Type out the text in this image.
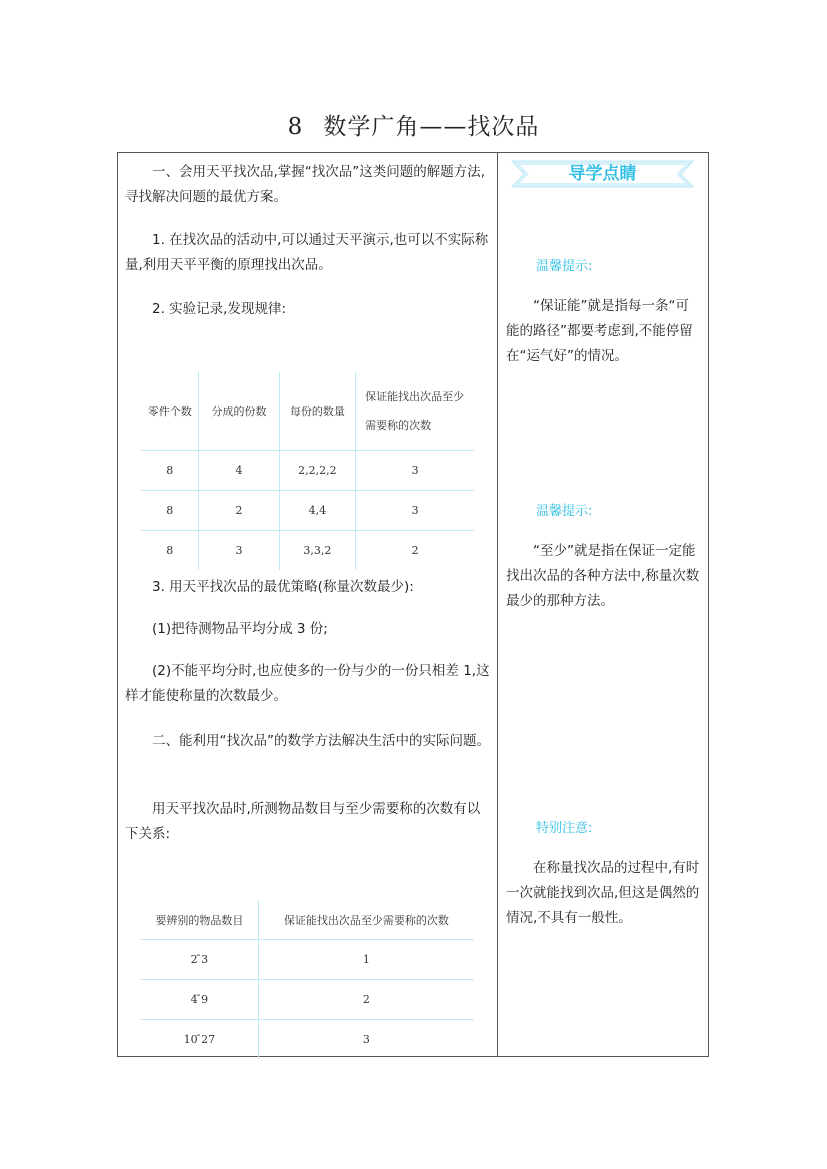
8 数学广角——找次品
导学点睛
一、会用天平找次品,掌握“找次品”这类问题的解题方法,寻找解决问题的最优方案。
1. 在找次品的活动中,可以通过天平演示,也可以不实际称量,利用天平平衡的原理找出次品。
2. 实验记录,发现规律:
零件个数	分成的份数	每份的数量	保证能找出次品至少需要称的次数

8	4	2,2,2,2	3
8	2	4,4	3
8	3	3,3,2	2
3. 用天平找次品的最优策略(称量次数最少):
(1)把待测物品平均分成 3 份;
(2)不能平均分时,也应使多的一份与少的一份只相差 1,这样才能使称量的次数最少。
二、能利用“找次品”的数学方法解决生活中的实际问题。
用天平找次品时,所测物品数目与至少需要称的次数有以下关系:
要辨别的物品数目	保证能找出次品至少需要称的次数
2 ̄3	1
4 ̄9	2
10 ̄27	3
温馨提示:
“保证能”就是指每一条“可能的路径”都要考虑到,不能停留在“运气好”的情况。
温馨提示:
“至少”就是指在保证一定能找出次品的各种方法中,称量次数最少的那种方法。
特别注意:
在称量找次品的过程中,有时一次就能找到次品,但这是偶然的情况,不具有一般性。
